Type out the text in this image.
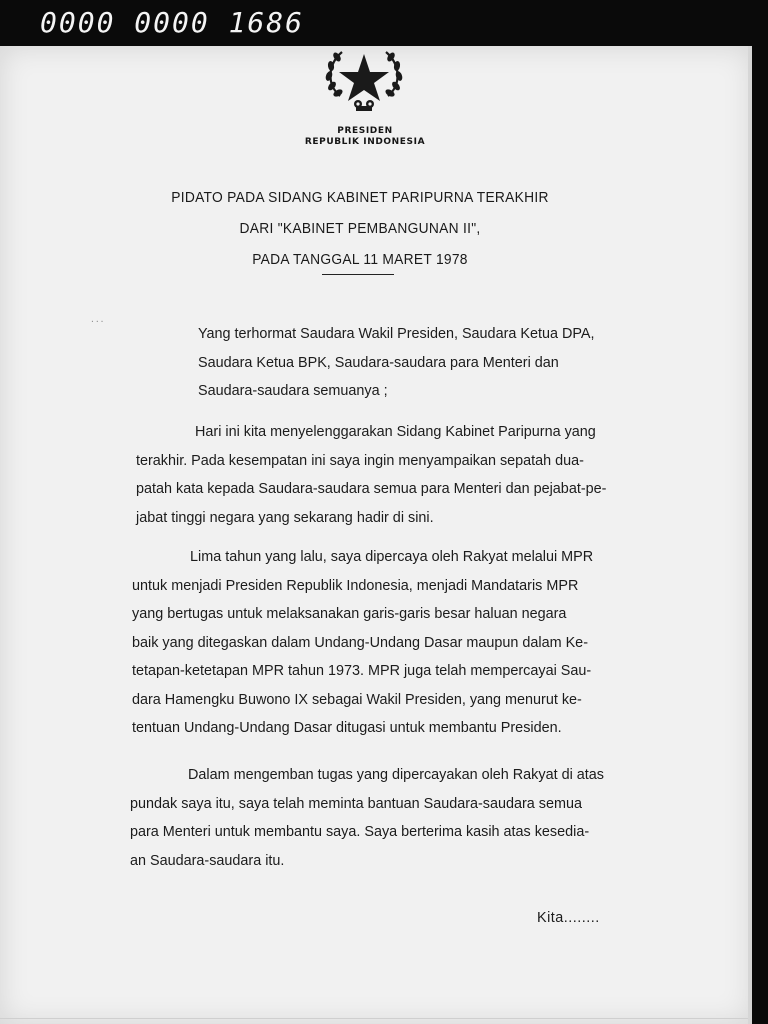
0000 0000 1686
PRESIDEN
REPUBLIK INDONESIA
PIDATO PADA SIDANG KABINET PARIPURNA TERAKHIR
DARI "KABINET PEMBANGUNAN II",
PADA TANGGAL 11 MARET 1978
···
Yang terhormat Saudara Wakil Presiden, Saudara Ketua DPA,
Saudara Ketua BPK, Saudara-saudara para Menteri dan
Saudara-saudara semuanya ;
Hari ini kita menyelenggarakan Sidang Kabinet Paripurna yang
terakhir. Pada kesempatan ini saya ingin menyampaikan sepatah dua-
patah kata kepada Saudara-saudara semua para Menteri dan pejabat-pe-
jabat tinggi negara yang sekarang hadir di sini.
Lima tahun yang lalu, saya dipercaya oleh Rakyat melalui MPR
untuk menjadi Presiden Republik Indonesia, menjadi Mandataris MPR
yang bertugas untuk melaksanakan garis-garis besar haluan negara
baik yang ditegaskan dalam Undang-Undang Dasar maupun dalam Ke-
tetapan-ketetapan MPR tahun 1973. MPR juga telah mempercayai Sau-
dara Hamengku Buwono IX sebagai Wakil Presiden, yang menurut ke-
tentuan Undang-Undang Dasar ditugasi untuk membantu Presiden.
Dalam mengemban tugas yang dipercayakan oleh Rakyat di atas
pundak saya itu, saya telah meminta bantuan Saudara-saudara semua
para Menteri untuk membantu saya. Saya berterima kasih atas kesedia-
an Saudara-saudara itu.
Kita........
